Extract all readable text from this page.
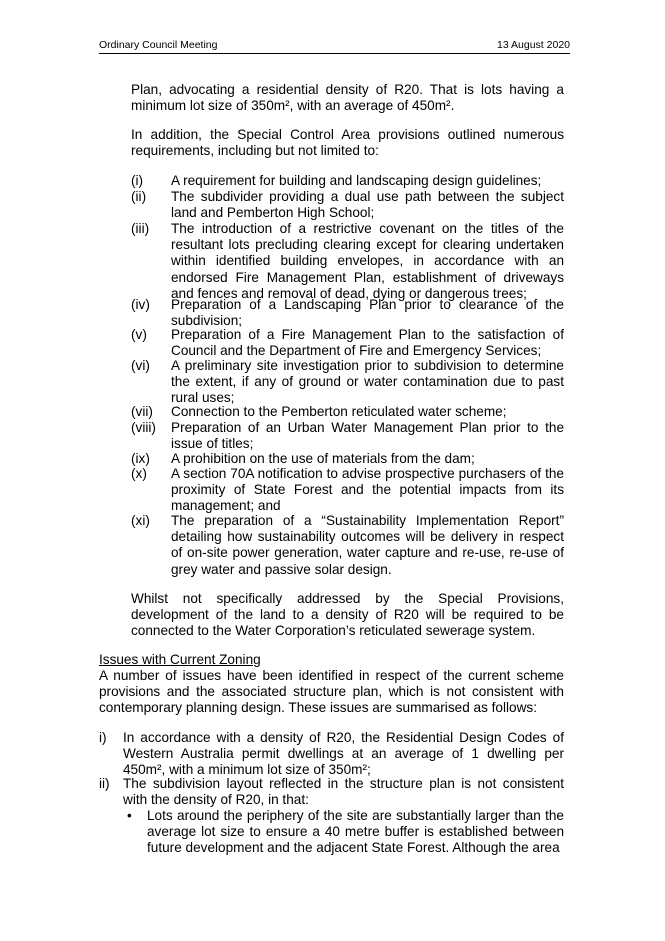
Ordinary Council Meeting	13 August 2020

Plan, advocating a residential density of R20. That is lots having a minimum lot size of 350m², with an average of 450m².

In addition, the Special Control Area provisions outlined numerous requirements, including but not limited to:

(i) A requirement for building and landscaping design guidelines;
(ii) The subdivider providing a dual use path between the subject land and Pemberton High School;
(iii) The introduction of a restrictive covenant on the titles of the resultant lots precluding clearing except for clearing undertaken within identified building envelopes, in accordance with an endorsed Fire Management Plan, establishment of driveways and fences and removal of dead, dying or dangerous trees;
(iv) Preparation of a Landscaping Plan prior to clearance of the subdivision;
(v) Preparation of a Fire Management Plan to the satisfaction of Council and the Department of Fire and Emergency Services;
(vi) A preliminary site investigation prior to subdivision to determine the extent, if any of ground or water contamination due to past rural uses;
(vii) Connection to the Pemberton reticulated water scheme;
(viii) Preparation of an Urban Water Management Plan prior to the issue of titles;
(ix) A prohibition on the use of materials from the dam;
(x) A section 70A notification to advise prospective purchasers of the proximity of State Forest and the potential impacts from its management; and
(xi) The preparation of a “Sustainability Implementation Report” detailing how sustainability outcomes will be delivery in respect of on-site power generation, water capture and re-use, re-use of grey water and passive solar design.

Whilst not specifically addressed by the Special Provisions, development of the land to a density of R20 will be required to be connected to the Water Corporation’s reticulated sewerage system.

Issues with Current Zoning

A number of issues have been identified in respect of the current scheme provisions and the associated structure plan, which is not consistent with contemporary planning design. These issues are summarised as follows:

i) In accordance with a density of R20, the Residential Design Codes of Western Australia permit dwellings at an average of 1 dwelling per 450m², with a minimum lot size of 350m²;
ii) The subdivision layout reflected in the structure plan is not consistent with the density of R20, in that:
• Lots around the periphery of the site are substantially larger than the average lot size to ensure a 40 metre buffer is established between future development and the adjacent State Forest. Although the area
